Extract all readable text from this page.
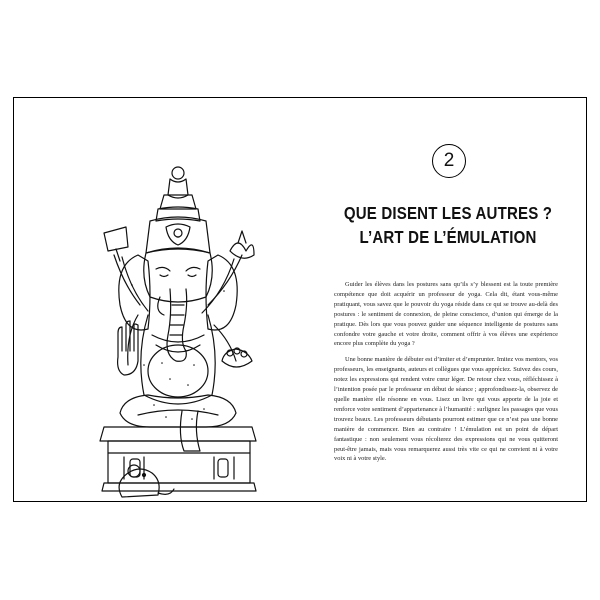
2
QUE DISENT LES AUTRES ?
L’ART DE L’ÉMULATION

Guider les élèves dans les postures sans qu’ils s’y blessent est la toute première compétence que doit acquérir un professeur de yoga. Cela dit, étant vous-même pratiquant, vous savez que le pouvoir du yoga réside dans ce qui se trouve au-delà des postures : le sentiment de connexion, de pleine conscience, d’union qui émerge de la pratique. Dès lors que vous pouvez guider une séquence intelligente de postures sans confondre votre gauche et votre droite, comment offrir à vos élèves une expérience encore plus complète du yoga ?

Une bonne manière de débuter est d’imiter et d’emprunter. Imitez vos mentors, vos professeurs, les enseignants, auteurs et collègues que vous appréciez. Suivez des cours, notez les expressions qui rendent votre cœur léger. De retour chez vous, réfléchissez à l’intention posée par le professeur en début de séance ; approfondissez-la, observez de quelle manière elle résonne en vous. Lisez un livre qui vous apporte de la joie et renforce votre sentiment d’appartenance à l’humanité : surlignez les passages que vous trouvez beaux. Les professeurs débutants pourront estimer que ce n’est pas une bonne manière de commencer. Bien au contraire ! L’émulation est un point de départ fantastique : non seulement vous récolterez des expressions qui ne vous quitteront peut-être jamais, mais vous remarquerez aussi très vite ce qui ne convient ni à votre voix ni à votre style.
